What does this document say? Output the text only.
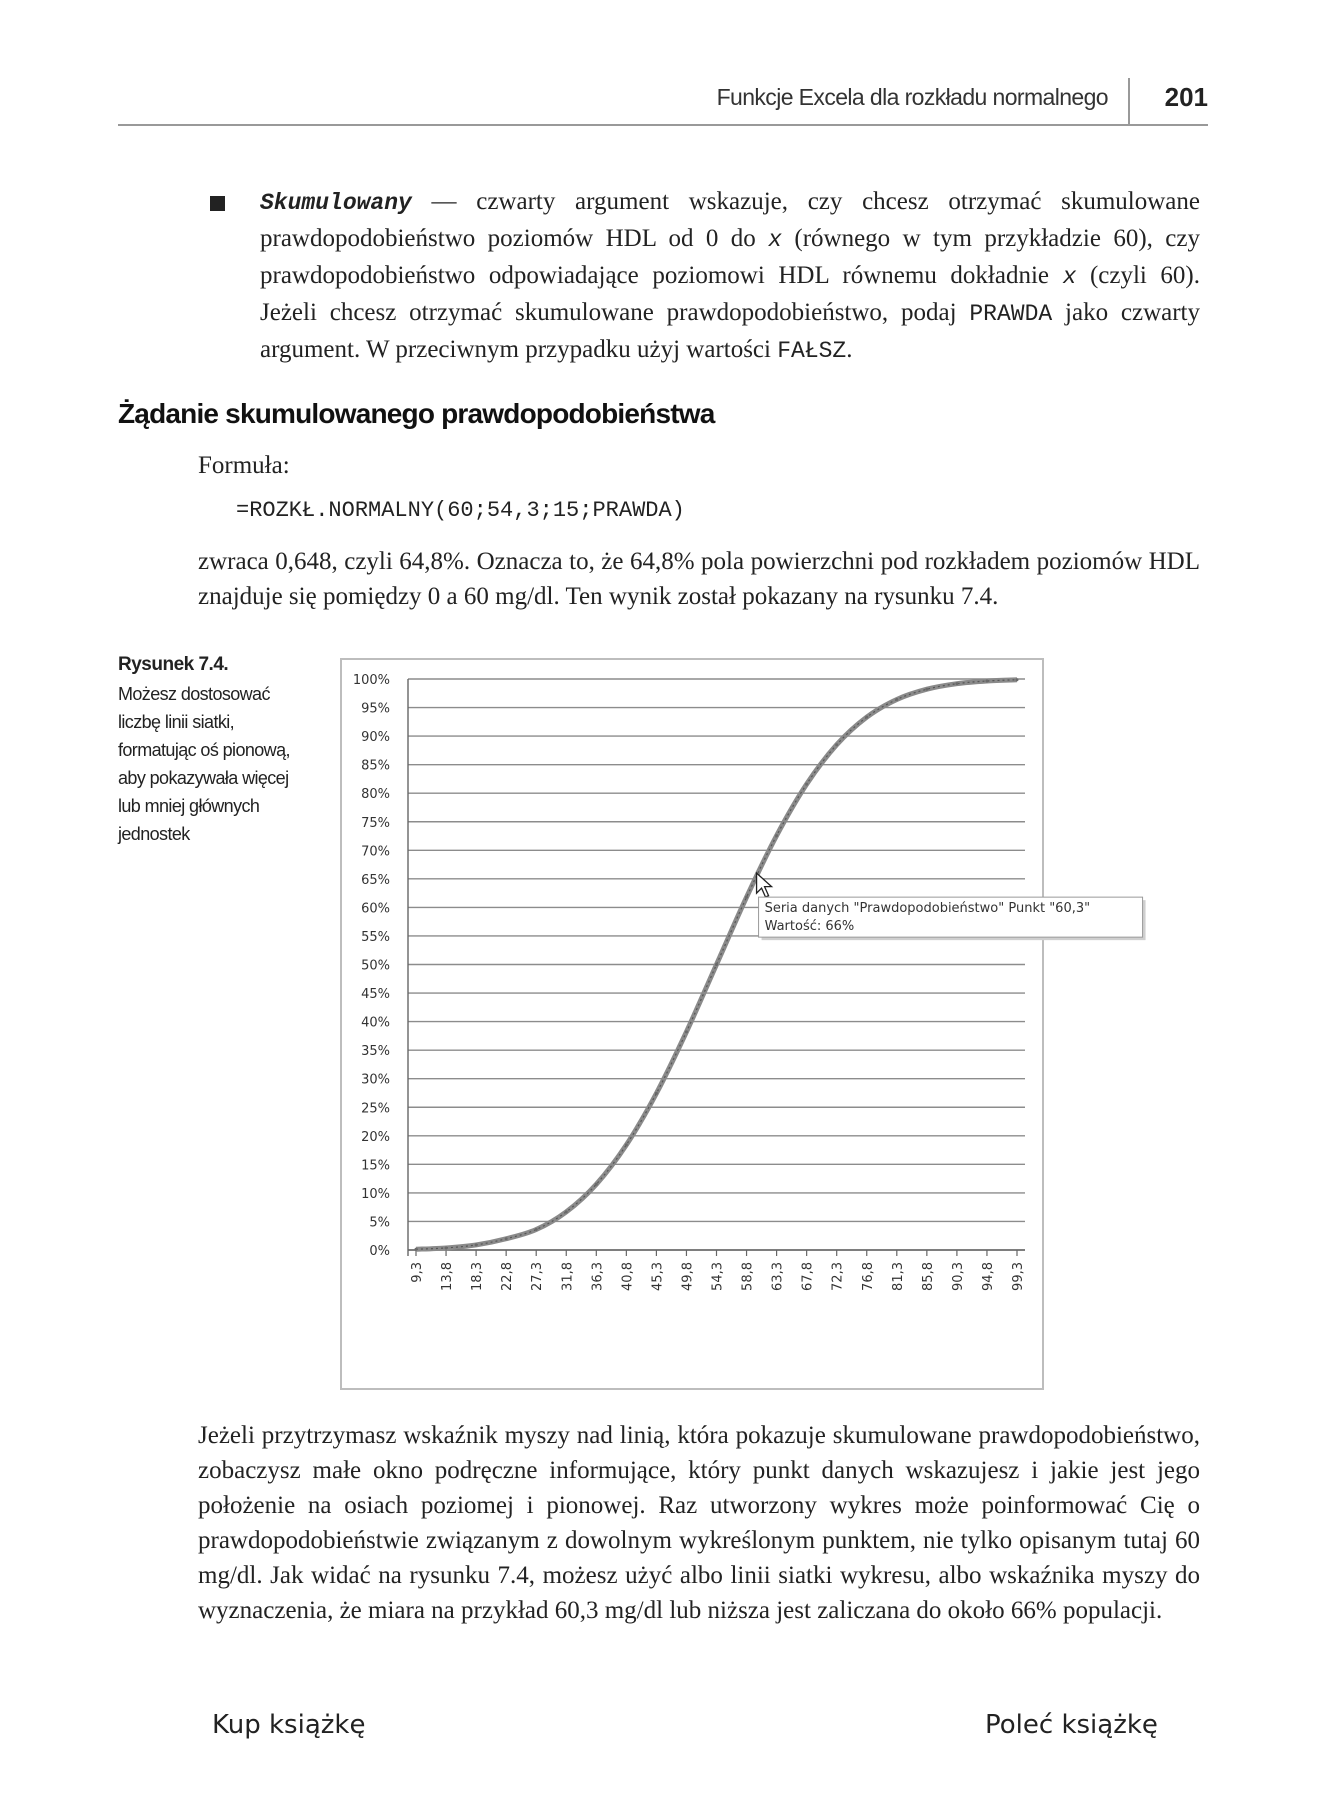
Funkcje Excela dla rozkładu normalnego 201
Skumulowany — czwarty argument wskazuje, czy chcesz otrzymać skumulowane prawdopodobieństwo poziomów HDL od 0 do x (równego w tym przykładzie 60), czy prawdopodobieństwo odpowiadające poziomowi HDL równemu dokładnie x (czyli 60). Jeżeli chcesz otrzymać skumulowane prawdopodobieństwo, podaj PRAWDA jako czwarty argument. W przeciwnym przypadku użyj wartości FAŁSZ.
Żądanie skumulowanego prawdopodobieństwa
Formuła:
=ROZKŁ.NORMALNY(60;54,3;15;PRAWDA)
zwraca 0,648, czyli 64,8%. Oznacza to, że 64,8% pola powierzchni pod rozkładem poziomów HDL znajduje się pomiędzy 0 a 60 mg/dl. Ten wynik został pokazany na rysunku 7.4.
Rysunek 7.4.
Możesz dostosować liczbę linii siatki, formatując oś pionową, aby pokazywała więcej lub mniej głównych jednostek
0%
5%
10%
15%
20%
25%
30%
35%
40%
45%
50%
55%
60%
65%
70%
75%
80%
85%
90%
95%
100%
9,3 13,8 18,3 22,8 27,3 31,8 36,3 40,8 45,3 49,8 54,3 58,8 63,3 67,8 72,3 76,8 81,3 85,8 90,3 94,8 99,3
Seria danych "Prawdopodobieństwo" Punkt "60,3"
Wartość: 66%
Jeżeli przytrzymasz wskaźnik myszy nad linią, która pokazuje skumulowane prawdopodobieństwo, zobaczysz małe okno podręczne informujące, który punkt danych wskazujesz i jakie jest jego położenie na osiach poziomej i pionowej. Raz utworzony wykres może poinformować Cię o prawdopodobieństwie związanym z dowolnym wykreślonym punktem, nie tylko opisanym tutaj 60 mg/dl. Jak widać na rysunku 7.4, możesz użyć albo linii siatki wykresu, albo wskaźnika myszy do wyznaczenia, że miara na przykład 60,3 mg/dl lub niższa jest zaliczana do około 66% populacji.
Kup książkę	Poleć książkę
